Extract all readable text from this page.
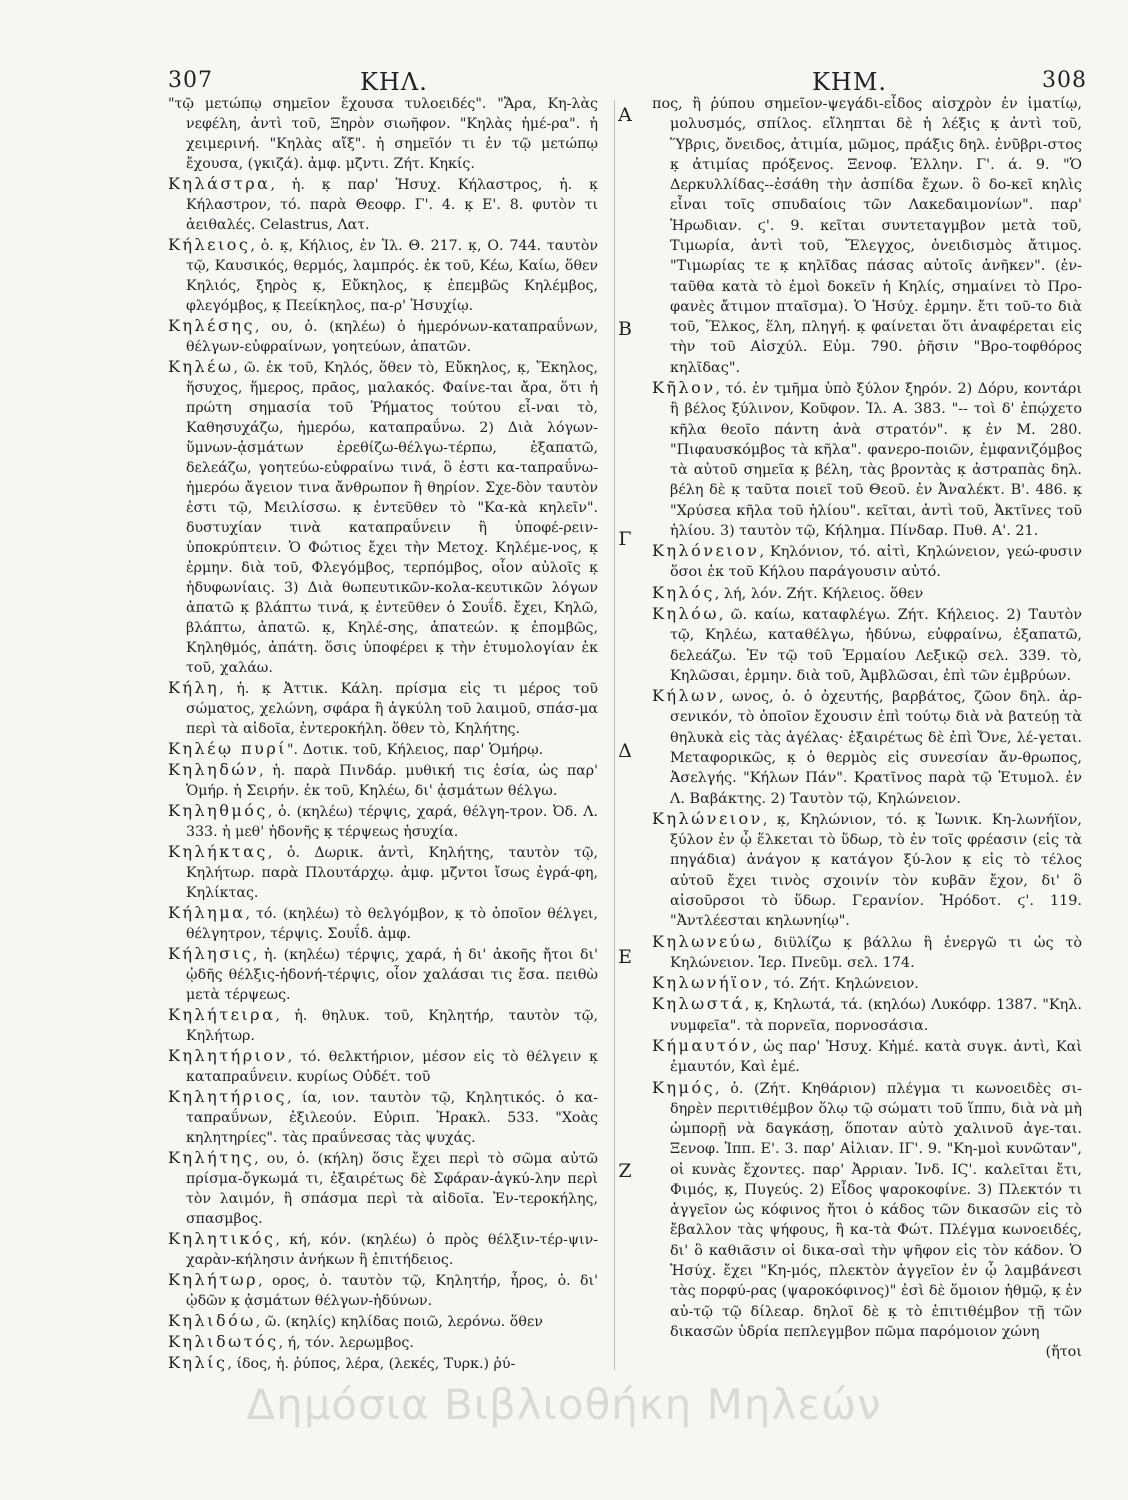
307	ΚΗΛ.	ΚΗΜ.	308
Α
Β
Γ
Δ
Ε
Ζ

"τῷ μετώπῳ σημεῖον ἔχουσα τυλοειδές". "Ἄρα, Κη-λὰς νεφέλη, ἀντὶ τοῦ, Ξηρὸν σιωῆφον. "Κηλὰς ἡμέ-ρα". ἡ χειμερινή. "Κηλὰς αἴξ". ἡ σημεῖόν τι ἐν τῷ μετώπῳ ἔχουσα, (γκιζά). ἀμφ. μζ̈ντι. Ζήτ. Κηκίς.

Κηλάστρα, ἡ. κ̣ παρ' Ἡσυχ. Κήλαστρος, ἡ. κ̣ Κήλαστρον, τό. παρὰ Θεοφρ. Γ'. 4. κ̣ Ε'. 8. φυτὸν τι ἀειθαλές. Celastrus, Λατ.

Κήλειος, ὁ. κ̣, Κήλιος, ἐν Ἰλ. Θ. 217. κ̣, Ο. 744. ταυτὸν τῷ, Καυσικός, θερμός, λαμπρός. ἐκ τοῦ, Κέω, Καίω, ὅθεν Κηλιός, ξηρὸς κ̣, Εὔκηλος, κ̣ ἐπεμβῶς Κηλέμβος, φλεγόμβος, κ̣ Πεείκηλος, πα-ρ' Ἡσυχίῳ.

Κηλέσης, ου, ὁ. (κηλέω) ὁ ἡμερόνων-καταπραΰνων, θέλγων-εὐφραίνων, γοητεύων, ἀπατῶν.

Κηλέω, ῶ. ἐκ τοῦ, Κηλός, ὅθεν τὸ, Εὔκηλος, κ̣, Ἔκηλος, ἥσυχος, ἥμερος, πρᾶος, μαλακός. Φαίνε-ται ἄρα, ὅτι ἡ πρώτη σημασία τοῦ Ῥήματος τούτου εἶ-ναι τὸ, Καθησυχάζω, ἡμερόω, καταπραΰνω. 2) Διὰ λόγων-ὕμνων-ᾀσμάτων ἐρεθίζω-θέλγω-τέρπω, ἐξαπατῶ, δελεάζω, γοητεύω-εὐφραίνω τινά, ὃ ἐστι κα-ταπραΰνω-ἡμερόω ἄγειον τινα ἄνθρωπον ἢ θηρίον. Σχε-δὸν ταυτὸν ἐστι τῷ, Μειλίσσω. κ̣ ἐντεῦθεν τὸ "Κα-κὰ κηλεῖν". δυστυχίαν τινὰ καταπραΰνειν ἢ ὑποφέ-ρειν-ὑποκρύπτειν. Ὁ Φώτιος ἔχει τὴν Μετοχ. Κηλέμε-νος, κ̣ ἑρμην. διὰ τοῦ, Φλεγόμβος, τερπόμβος, οἷον αὐλοῖς κ̣ ἡδυφωνίαις. 3) Διὰ θωπευτικῶν-κολα-κευτικῶν λόγων ἀπατῶ κ̣ βλάπτω τινά, κ̣ ἐντεῦθεν ὁ Σουΐδ. ἔχει, Κηλῶ, βλάπτω, ἀπατῶ. κ̣, Κηλέ-σης, ἀπατεών. κ̣ ἐπομβῶς, Κηληθμός, ἀπάτη. ὅσις ὑποφέρει κ̣ τὴν ἐτυμολογίαν ἐκ τοῦ, χαλάω.

Κήλη, ἡ. κ̣ Ἀττικ. Κάλη. πρίσμα εἰς τι μέρος τοῦ σώματος, χελώνη, σφάρα ἢ ἀγκύλη τοῦ λαιμοῦ, σπάσ-μα περὶ τὰ αἰδοῖα, ἐντεροκήλη. ὅθεν τὸ, Κηλήτης.

Κηλέῳ πυρί". Δοτικ. τοῦ, Κήλειος, παρ' Ὁμήρῳ.

Κηληδών, ἡ. παρὰ Πινδάρ. μυθική τις ἐσία, ὡς παρ' Ὁμήρ. ἡ Σειρήν. ἐκ τοῦ, Κηλέω, δι' ᾀσμάτων θέλγω.

Κηληθμός, ὁ. (κηλέω) τέρψις, χαρά, θέλγη-τρον. Ὀδ. Λ. 333. ἡ μεθ' ἡδονῆς κ̣ τέρψεως ἡσυχία.

Κηλήκτας, ὁ. Δωρικ. ἀντὶ, Κηλήτης, ταυτὸν τῷ, Κηλήτωρ. παρὰ Πλουτάρχῳ. ἀμφ. μζ̈ντοι ἴσως ἐγρά-φη, Κηλίκτας.

Κήλημα, τό. (κηλέω) τὸ θελγόμβον, κ̣ τὸ ὁποῖον θέλγει, θέλγητρον, τέρψις. Σουΐδ. ἀμφ.

Κήλησις, ἡ. (κηλέω) τέρψις, χαρά, ἡ δι' ἀκοῆς ἤτοι δι' ᾠδῆς θέλξις-ἡδονή-τέρψις, οἷον χαλάσαι τις ἔσα. πειθὼ μετὰ τέρψεως.

Κηλήτειρα, ἡ. θηλυκ. τοῦ, Κηλητήρ, ταυτὸν τῷ, Κηλήτωρ.

Κηλητήριον, τό. θελκτήριον, μέσον εἰς τὸ θέλγειν κ̣ καταπραΰνειν. κυρίως Οὐδέτ. τοῦ

Κηλητήριος, ία, ιον. ταυτὸν τῷ, Κηλητικός. ὁ κα-ταπραΰνων, ἐξιλεούν. Εὐριπ. Ἡρακλ. 533. "Χοὰς κηλητηρίες". τὰς πραΰνεσας τὰς ψυχάς.

Κηλήτης, ου, ὁ. (κήλη) ὅσις ἔχει περὶ τὸ σῶμα αὐτῶ πρίσμα-ὄγκωμά τι, ἐξαιρέτως δὲ Σφάραν-ἀγκύ-λην περὶ τὸν λαιμόν, ἢ σπάσμα περὶ τὰ αἰδοῖα. Ἐν-τεροκήλης, σπασμβος.

Κηλητικός, κή, κόν. (κηλέω) ὁ πρὸς θέλξιν-τέρ-ψιν-χαρὰν-κήλησιν ἀνήκων ἢ ἐπιτήδειος.

Κηλήτωρ, ορος, ὁ. ταυτὸν τῷ, Κηλητήρ, ἦρος, ὁ. δι' ᾠδῶν κ̣ ᾀσμάτων θέλγων-ἡδύνων.

Κηλιδόω, ῶ. (κηλίς) κηλίδας ποιῶ, λερόνω. ὅθεν

Κηλιδωτός, ή, τόν. λερωμβος.

Κηλίς, ίδος, ἡ. ῥύπος, λέρα, (λεκές, Τυρκ.) ῥύ-

πος, ἢ ῥύπου σημεῖον-ψεγάδι-εἶδος αἰσχρὸν ἐν ἱματίῳ, μολυσμός, σπίλος. εἴληπται δὲ ἡ λέξις κ̣ ἀντὶ τοῦ, Ὕβρις, ὄνειδος, ἀτιμία, μῶμος, πράξις δηλ. ἐνῦβρι-στος κ̣ ἀτιμίας πρόξενος. Ξενοφ. Ἑλλην. Γ'. ά. 9. "Ὁ Δερκυλλίδας--ἐσάθη τὴν ἀσπίδα ἔχων. ὃ δο-κεῖ κηλὶς εἶναι τοῖς σπυδαίοις τῶν Λακεδαιμονίων". παρ' Ἡρωδιαν. ϛ'. 9. κεῖται συντεταγμβον μετὰ τοῦ, Τιμωρία, ἀντὶ τοῦ, Ἔλεγχος, ὀνειδισμὸς ἄτιμος. "Τιμωρίας τε κ̣ κηλῖδας πάσας αὐτοῖς ἀνῆκεν". (ἐν-ταῦθα κατὰ τὸ ἐμοὶ δοκεῖν ἡ Κηλίς, σημαίνει τὸ Προ-φανὲς ἄτιμον πταῖσμα). Ὁ Ἡσύχ. ἑρμην. ἔτι τοῦ-το διὰ τοῦ, Ἕλκος, ἕλη, πληγή. κ̣ φαίνεται ὅτι ἀναφέρεται εἰς τὴν τοῦ Αἰσχύλ. Εὐμ. 790. ῥῆσιν "Βρο-τοφθόρος κηλῖδας".

Κῆλον, τό. ἐν τμῆμα ὑπὸ ξύλον ξηρόν. 2) Δόρυ, κοντάρι ἢ βέλος ξύλινον, Κοῦφον. Ἰλ. Α. 383. "-- τοὶ δ' ἐπῴχετο κῆλα θεοῖο πάντη ἀνὰ στρατόν". κ̣ ἐν Μ. 280. "Πιφαυσκόμβος τὰ κῆλα". φανερο-ποιῶν, ἐμφανιζόμβος τὰ αὐτοῦ σημεῖα κ̣ βέλη, τὰς βροντὰς κ̣ ἀστραπὰς δηλ. βέλη δὲ κ̣ ταῦτα ποιεῖ τοῦ Θεοῦ. ἐν Ἀναλέκτ. Β'. 486. κ̣ "Χρύσεα κῆλα τοῦ ἡλίου". κεῖται, ἀντὶ τοῦ, Ἀκτῖνες τοῦ ἡλίου. 3) ταυτὸν τῷ, Κήλημα. Πίνδαρ. Πυθ. Α'. 21.

Κηλόνειον, Κηλόνιον, τό. αἰτὶ, Κηλώνειον, γεώ-φυσιν ὅσοι ἐκ τοῦ Κήλου παράγουσιν αὐτό.

Κηλός, λή, λόν. Ζήτ. Κήλειος. ὅθεν

Κηλόω, ῶ. καίω, καταφλέγω. Ζήτ. Κήλειος. 2) Ταυτὸν τῷ, Κηλέω, καταθέλγω, ἡδύνω, εὐφραίνω, ἐξαπατῶ, δελεάζω. Ἐν τῷ τοῦ Ἑρμαίου Λεξικῷ σελ. 339. τὸ, Κηλῶσαι, ἑρμην. διὰ τοῦ, Ἀμβλῶσαι, ἐπὶ τῶν ἐμβρύων.

Κήλων, ωνος, ὁ. ὁ ὀχευτής, βαρβάτος, ζῶον δηλ. ἀρ-σενικόν, τὸ ὁποῖον ἔχουσιν ἐπὶ τούτῳ διὰ νὰ βατεύῃ τὰ θηλυκὰ εἰς τὰς ἀγέλας· ἐξαιρέτως δὲ ἐπὶ Ὄνε, λέ-γεται. Μεταφορικῶς, κ̣ ὁ θερμὸς εἰς συνεσίαν ἄν-θρωπος, Ἀσελγής. "Κήλων Πάν". Κρατῖνος παρὰ τῷ Ἐτυμολ. ἐν Λ. Βαβάκτης. 2) Ταυτὸν τῷ, Κηλώνειον.

Κηλώνειον, κ̣, Κηλώνιον, τό. κ̣ Ἰωνικ. Κη-λωνήϊον, ξύλον ἐν ᾧ ἕλκεται τὸ ὕδωρ, τὸ ἐν τοῖς φρέασιν (εἰς τὰ πηγάδια) ἀνάγον κ̣ κατάγον ξύ-λον κ̣ εἰς τὸ τέλος αὐτοῦ ἔχει τινὸς σχοινίν τὸν κυβᾶν ἔχον, δι' ὃ αἰσοῦρσοι τὸ ὕδωρ. Γερανίον. Ἡρόδοτ. ϛ'. 119. "Ἀντλέεσται κηλωνηίῳ".

Κηλωνεύω, διϋλίζω κ̣ βάλλω ἢ ἐνεργῶ τι ὡς τὸ Κηλώνειον. Ἱερ. Πνεῦμ. σελ. 174.

Κηλωνήϊον, τό. Ζήτ. Κηλώνειον.

Κηλωστά, κ̣, Κηλωτά, τά. (κηλόω) Λυκόφρ. 1387. "Κηλ. νυμφεῖα". τὰ πορνεῖα, πορνοσάσια.

Κήμαυτόν, ὡς παρ' Ἡσυχ. Κἠμέ. κατὰ συγκ. ἀντὶ, Καὶ ἐμαυτόν, Καὶ ἐμέ.

Κημός, ὁ. (Ζήτ. Κηθάριον) πλέγμα τι κωνοειδὲς σι-δηρὲν περιτιθέμβον ὅλῳ τῷ σώματι τοῦ ἵππυ, διὰ νὰ μὴ ὠμπορῇ νὰ δαγκάσῃ, ὅποταν αὐτὸ χαλινοῦ ἀγε-ται. Ξενοφ. Ἱππ. Ε'. 3. παρ' Αἰλιαν. ΙΓ'. 9. "Κη-μοὶ κυνῶταν", οἱ κυνὰς ἔχοντες. παρ' Ἀρριαν. Ἰνδ. ΙϚ'. καλεῖται ἔτι, Φιμός, κ̣, Πυγεύς. 2) Εἶδος ψαροκοφίνε. 3) Πλεκτόν τι ἀγγεῖον ὡς κόφινος ἤτοι ὁ κάδος τῶν δικασῶν εἰς τὸ ἔβαλλον τὰς ψήφους, ἢ κα-τὰ Φώτ. Πλέγμα κωνοειδές, δι' ὃ καθιᾶσιν οἱ δικα-σαὶ τὴν ψῆφον εἰς τὸν κάδον. Ὁ Ἡσύχ. ἔχει "Κη-μός, πλεκτὸν ἀγγεῖον ἐν ᾧ λαμβάνεσι τὰς πορφύ-ρας (ψαροκόφινος)" ἐσὶ δὲ ὅμοιον ἡθμῷ, κ̣ ἐν αὐ-τῷ τῷ δίλεαρ. δηλοῖ δὲ κ̣ τὸ ἐπιτιθέμβον τῇ τῶν δικασῶν ὑδρία πεπλεγμβον πῶμα παρόμοιον χώνη

(ἤτοι

Δημόσια Βιβλιοθήκη Μηλεών
